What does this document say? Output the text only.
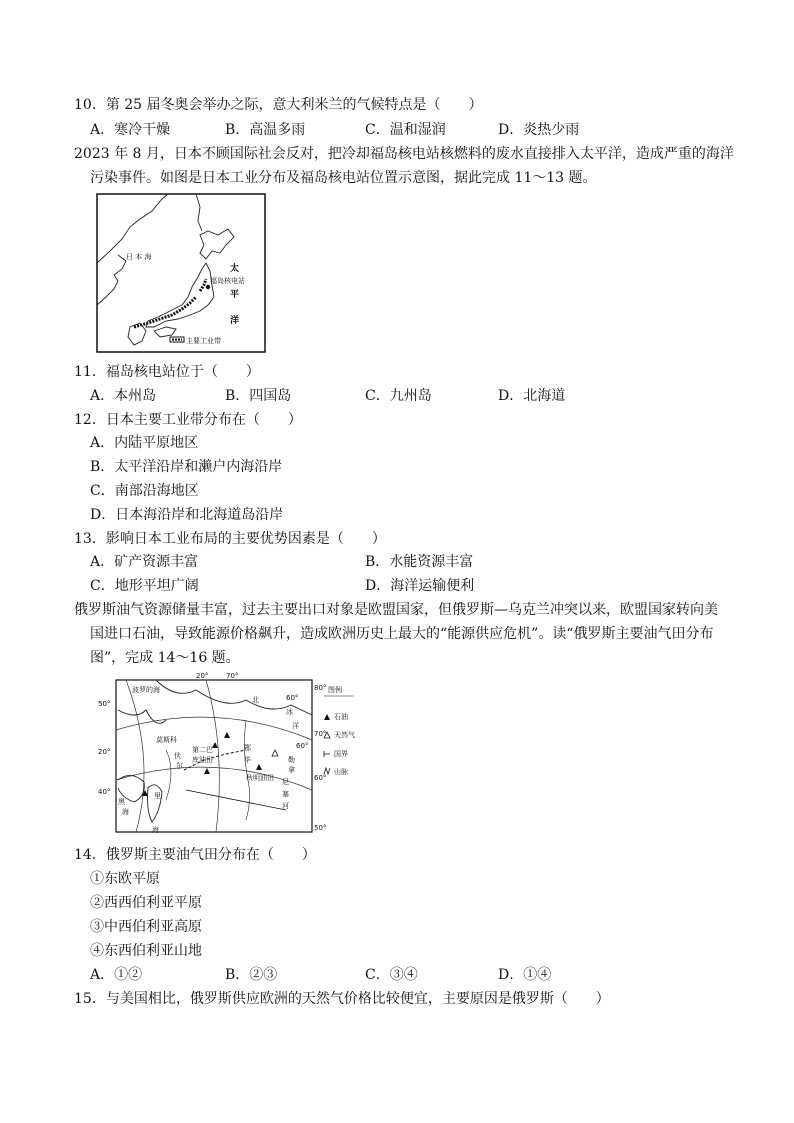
10．第 25 届冬奥会举办之际，意大利米兰的气候特点是（　　）
A．寒冷干燥	B．高温多雨	C．温和湿润	D．炎热少雨
2023 年 8 月，日本不顾国际社会反对，把冷却福岛核电站核燃料的废水直接排入太平洋，造成严重的海洋
污染事件。如图是日本工业分布及福岛核电站位置示意图，据此完成 11～13 题。
福岛核电站
日 本 海
太
平
洋
主要工业带
11．福岛核电站位于（　　）
A．本州岛	B．四国岛	C．九州岛	D．北海道
12．日本主要工业带分布在（　　）
A．内陆平原地区
B．太平洋沿岸和濑户内海沿岸
C．南部沿海地区
D．日本海沿岸和北海道岛沿岸
13．影响日本工业布局的主要优势因素是（　　）
A．矿产资源丰富	B．水能资源丰富
C．地形平坦广阔	D．海洋运输便利
俄罗斯油气资源储量丰富，过去主要出口对象是欧盟国家，但俄罗斯—乌克兰冲突以来，欧盟国家转向美
国进口石油，导致能源价格飙升，造成欧洲历史上最大的“能源供应危机”。读“俄罗斯主要油气田分布
图”，完成 14～16 题。
50°
20°
40°
20°	70°
80°
70°
60°
50°
60°
60°
波罗的海
莫斯科
伏
尔
黑
海
里
海
第二巴
库油田
北
冰
洋
鄂
毕	勒
拿
秋明油田 尼
塞
河
图例
石油
天然气
国界
山脉
14．俄罗斯主要油气田分布在（　　）
①东欧平原
②西西伯利亚平原
③中西伯利亚高原
④东西伯利亚山地
A．①②	B．②③	C．③④	D．①④
15．与美国相比，俄罗斯供应欧洲的天然气价格比较便宜，主要原因是俄罗斯（　　）
